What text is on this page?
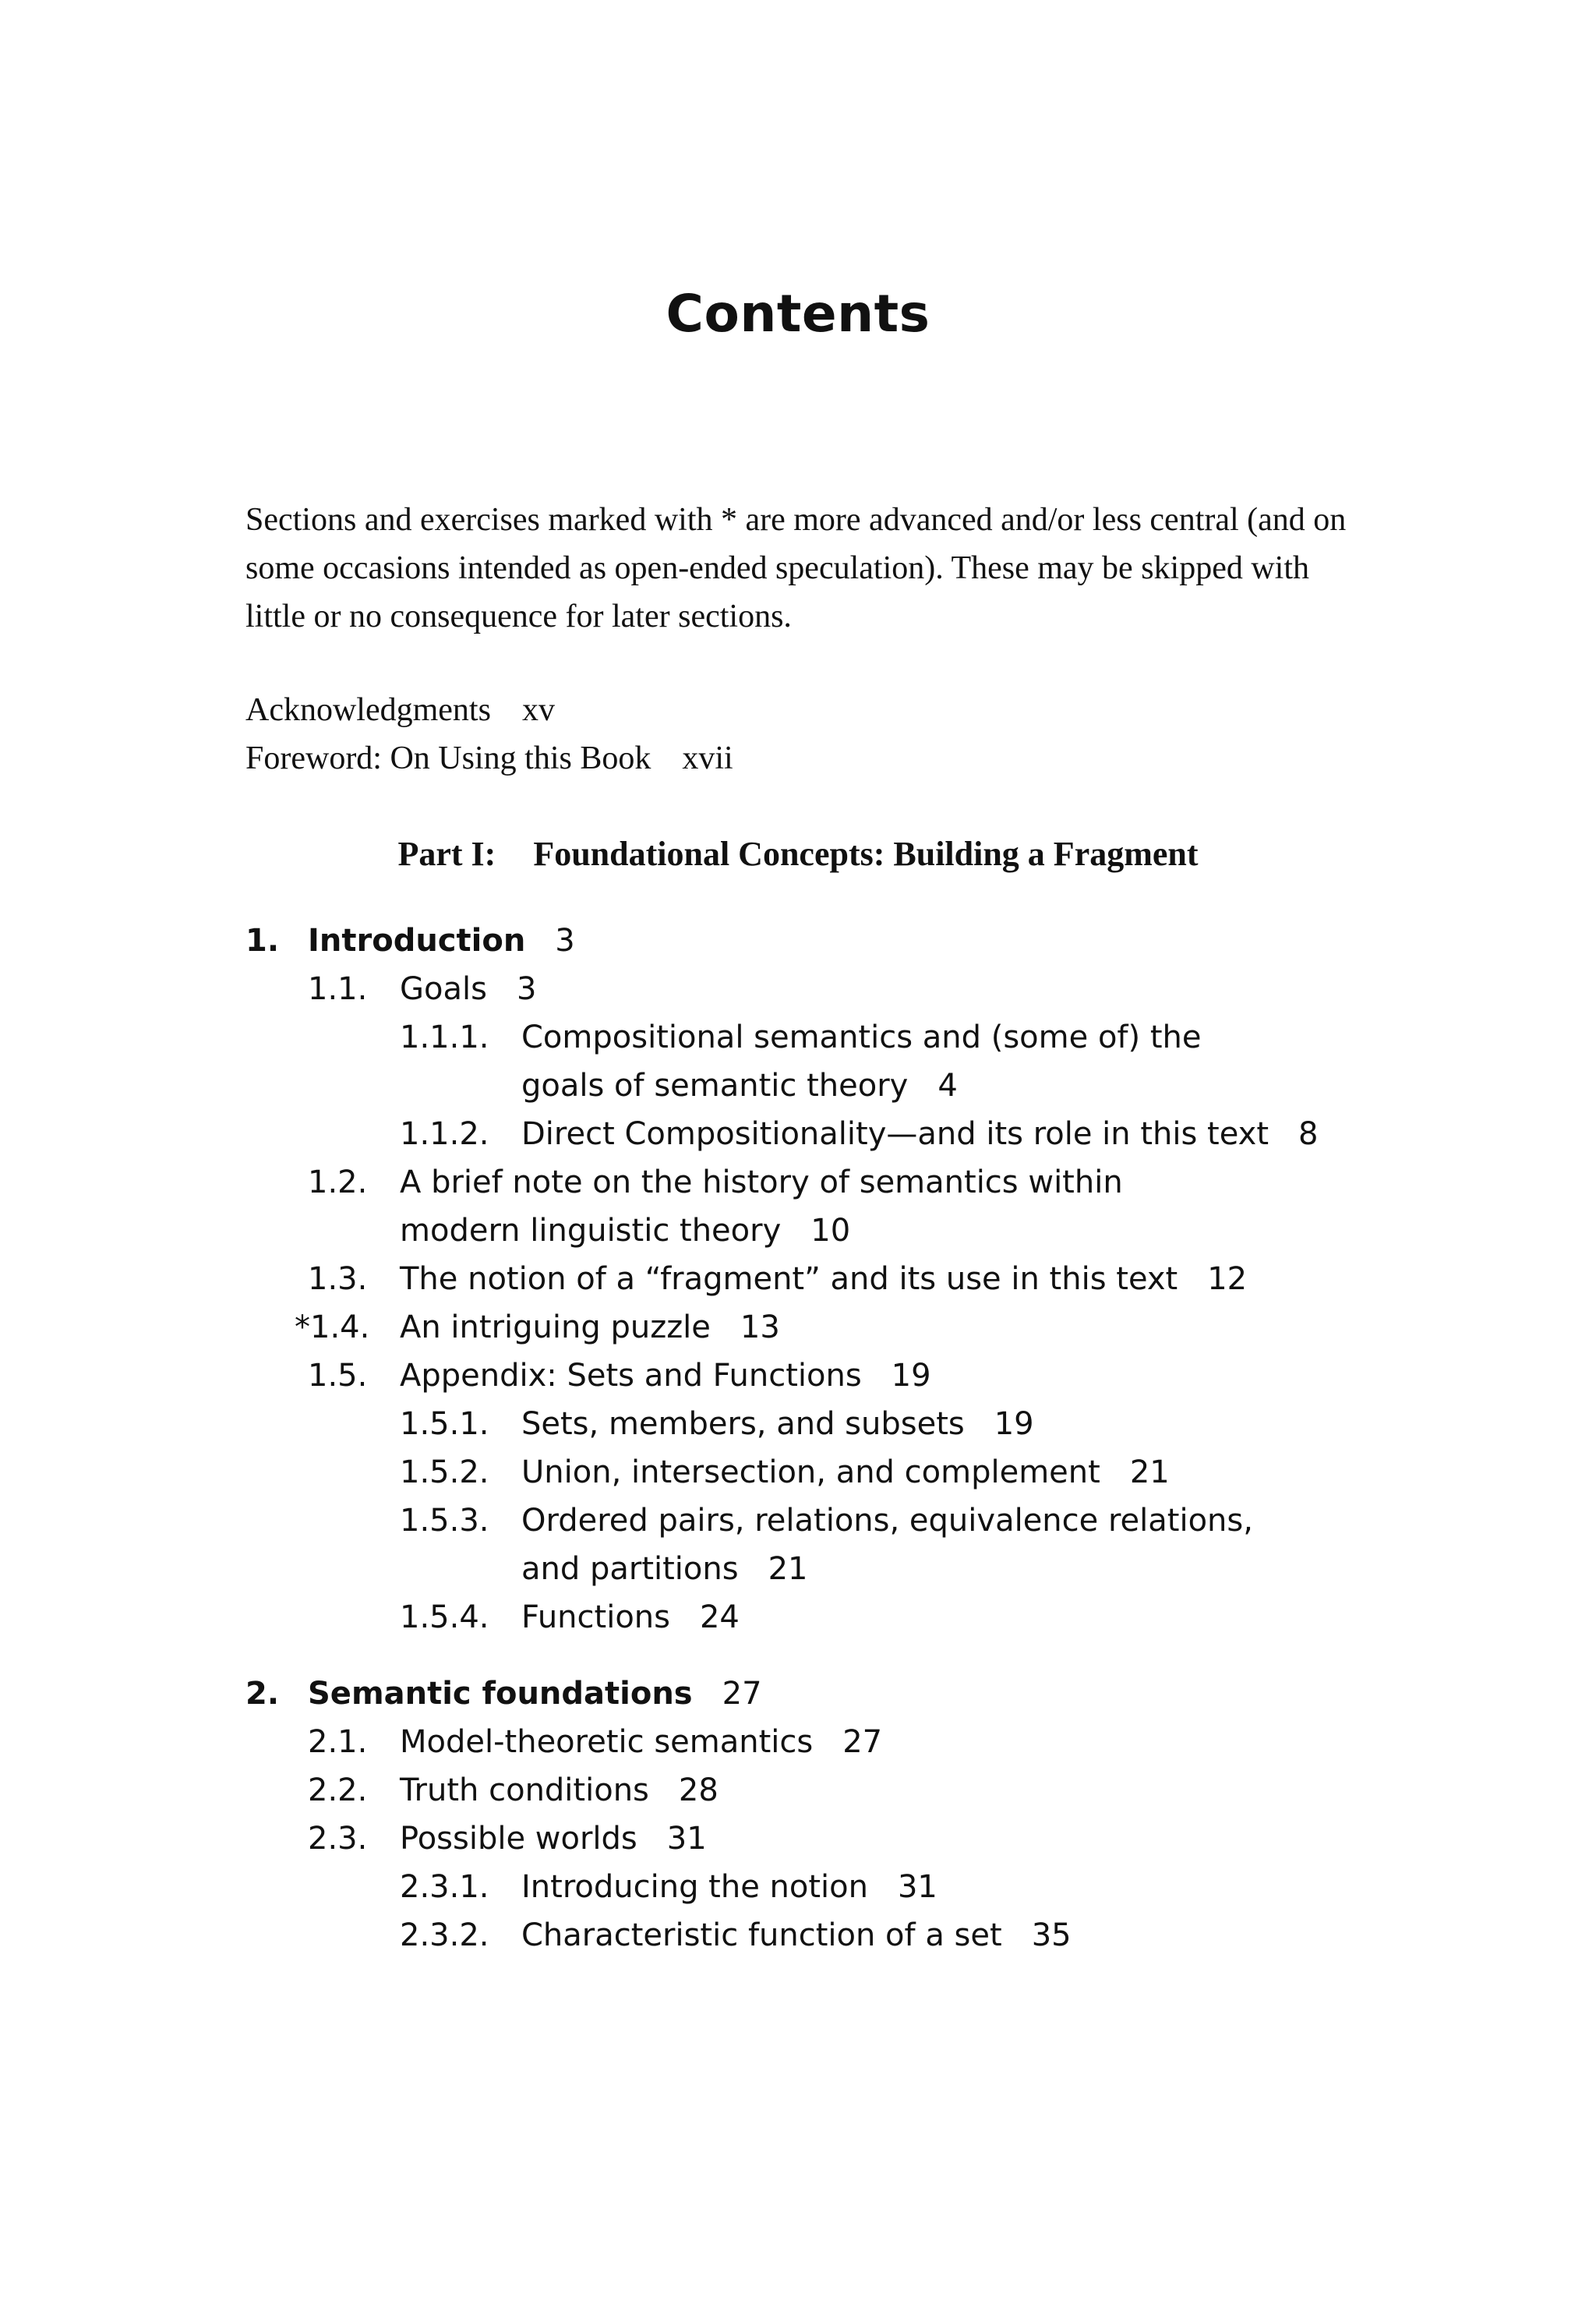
Contents
Sections and exercises marked with * are more advanced and/or less central (and on some occasions intended as open-ended speculation). These may be skipped with little or no consequence for later sections.
Acknowledgments xv
Foreword: On Using this Book xvii
Part I: Foundational Concepts: Building a Fragment
1. Introduction 3
1.1. Goals 3
1.1.1. Compositional semantics and (some of) the
goals of semantic theory 4
1.1.2. Direct Compositionality—and its role in this text 8
1.2. A brief note on the history of semantics within
modern linguistic theory 10
1.3. The notion of a “fragment” and its use in this text 12
*1.4. An intriguing puzzle 13
1.5. Appendix: Sets and Functions 19
1.5.1. Sets, members, and subsets 19
1.5.2. Union, intersection, and complement 21
1.5.3. Ordered pairs, relations, equivalence relations,
and partitions 21
1.5.4. Functions 24
2. Semantic foundations 27
2.1. Model-theoretic semantics 27
2.2. Truth conditions 28
2.3. Possible worlds 31
2.3.1. Introducing the notion 31
2.3.2. Characteristic function of a set 35
